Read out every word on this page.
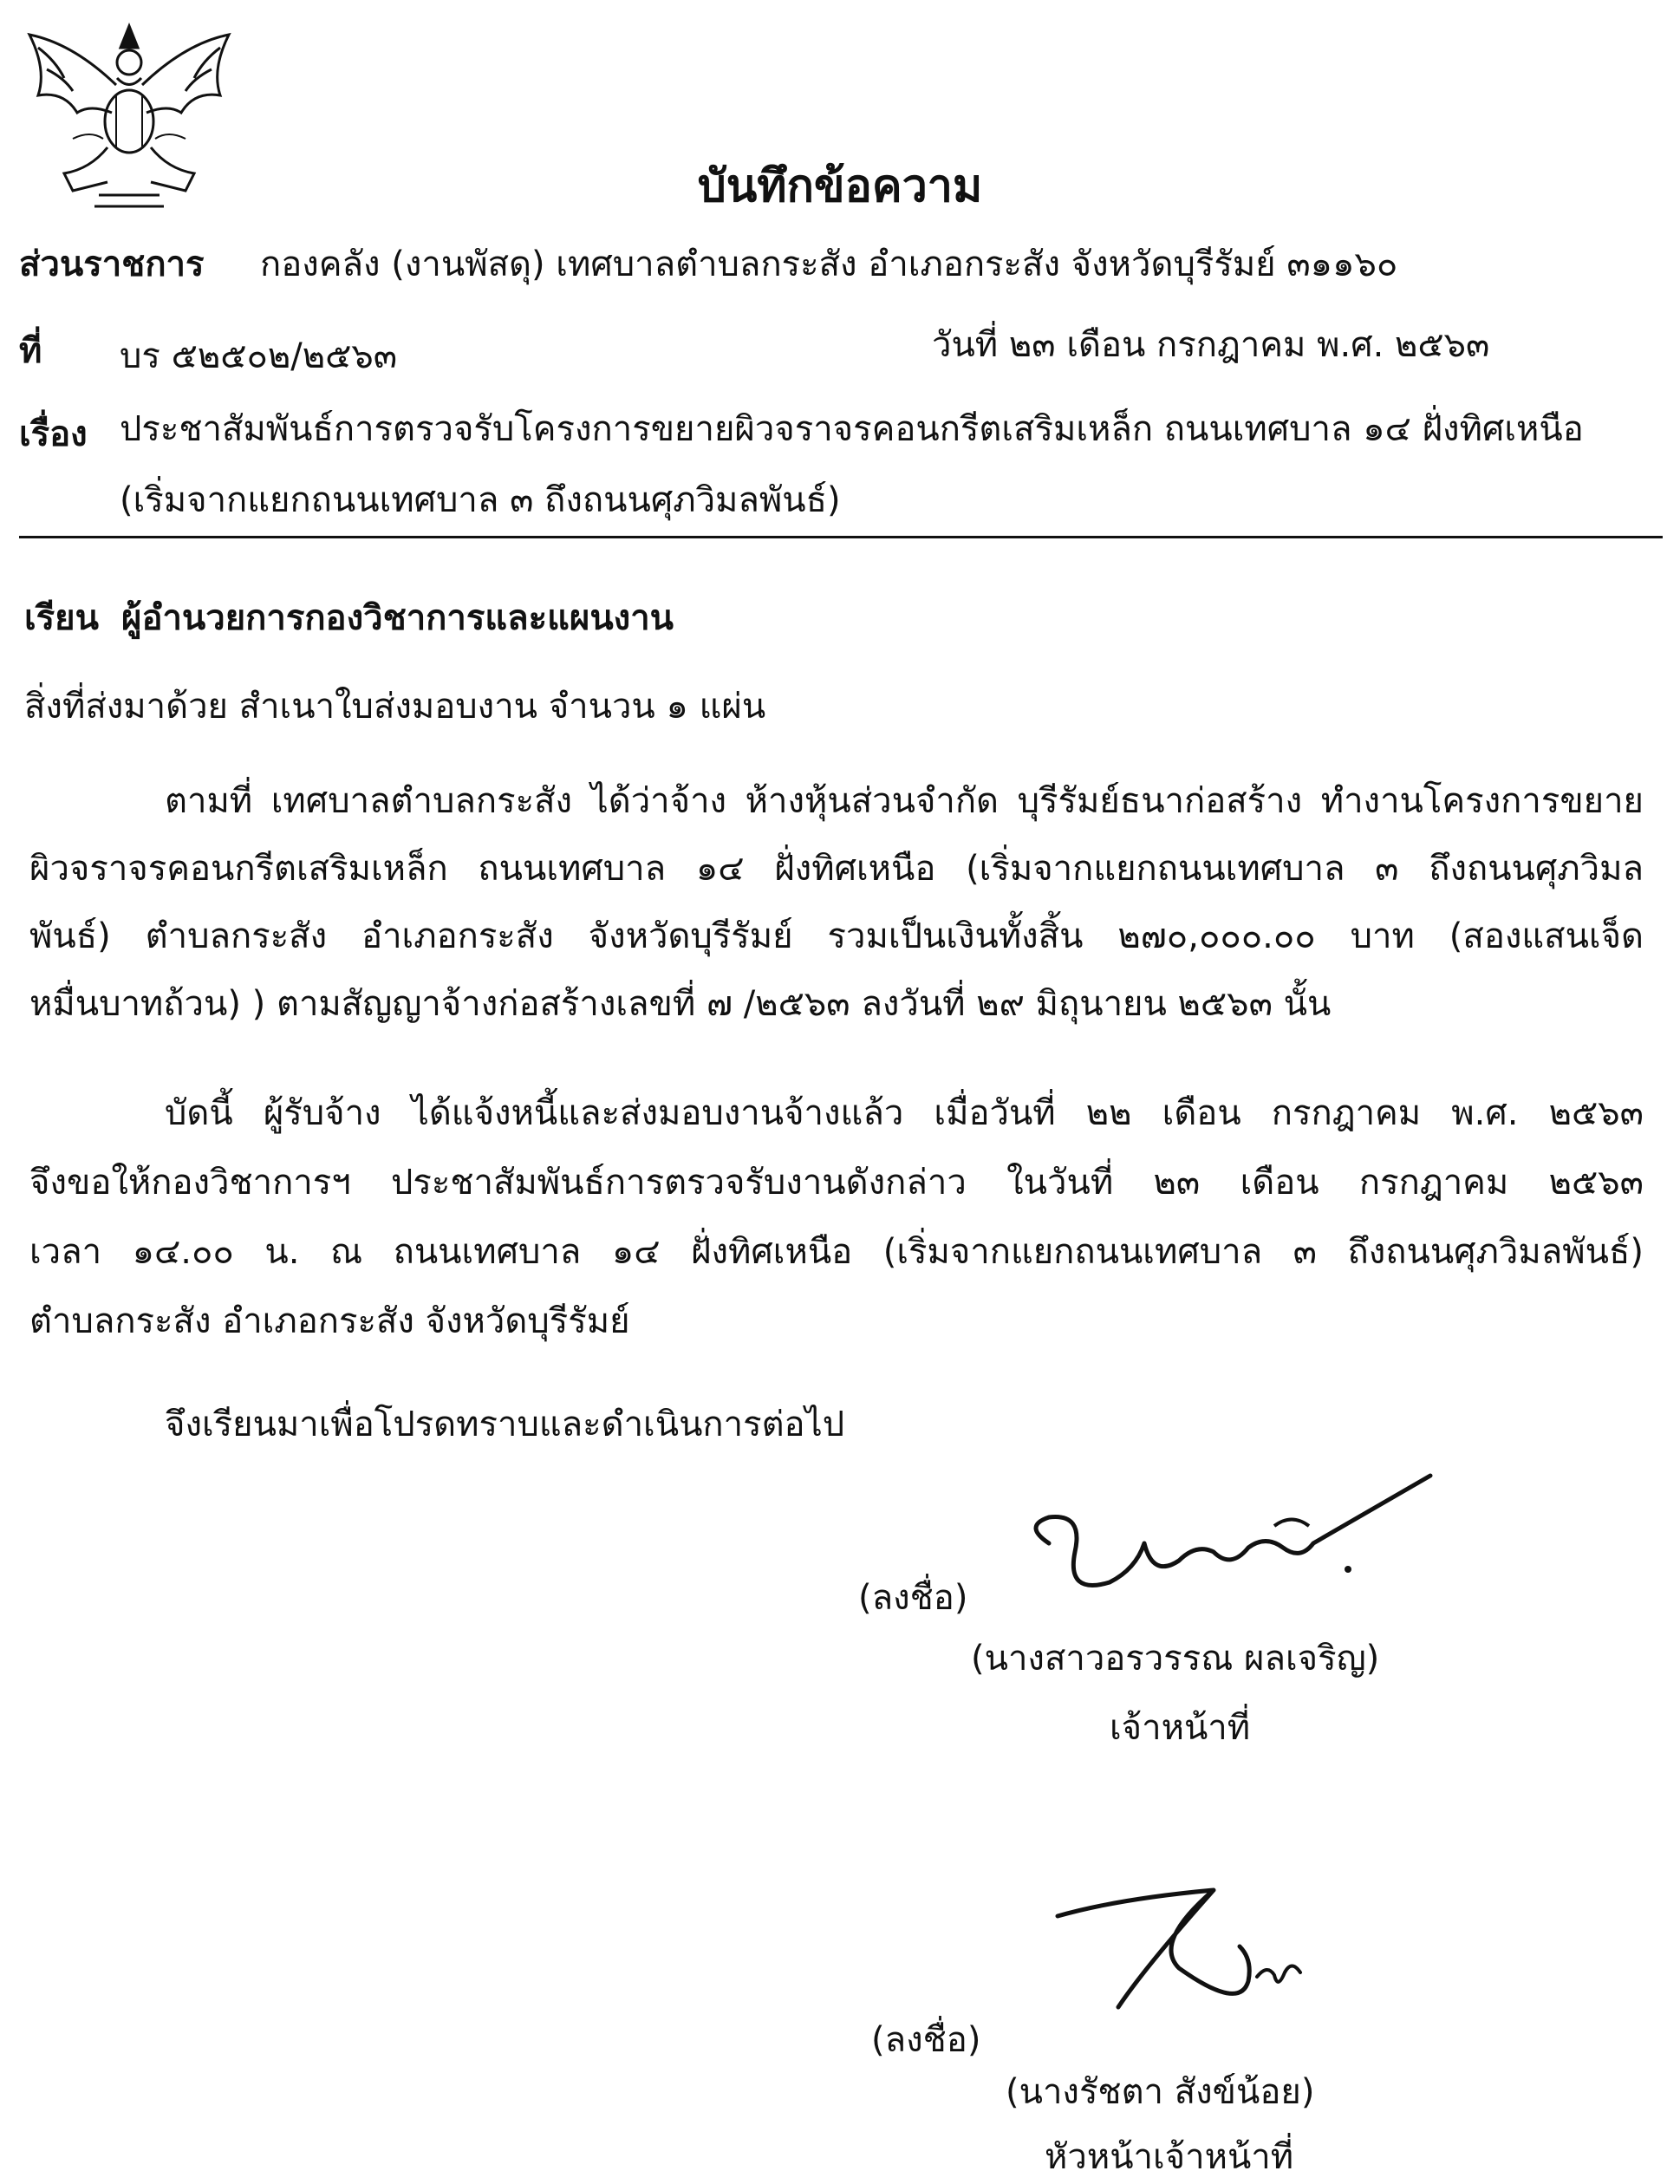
บันทึกข้อความ
ส่วนราชการ กองคลัง (งานพัสดุ) เทศบาลตำบลกระสัง อำเภอกระสัง จังหวัดบุรีรัมย์ ๓๑๑๖๐
ที่ บร ๕๒๕๐๒/๒๕๖๓	วันที่ ๒๓ เดือน กรกฎาคม พ.ศ. ๒๕๖๓
เรื่อง ประชาสัมพันธ์การตรวจรับโครงการขยายผิวจราจรคอนกรีตเสริมเหล็ก ถนนเทศบาล ๑๔ ฝั่งทิศเหนือ
(เริ่มจากแยกถนนเทศบาล ๓ ถึงถนนศุภวิมลพันธ์)
เรียน ผู้อำนวยการกองวิชาการและแผนงาน
สิ่งที่ส่งมาด้วย สำเนาใบส่งมอบงาน จำนวน ๑ แผ่น
ตามที่ เทศบาลตำบลกระสัง ได้ว่าจ้าง ห้างหุ้นส่วนจำกัด บุรีรัมย์ธนาก่อสร้าง ทำงานโครงการขยาย
ผิวจราจรคอนกรีตเสริมเหล็ก ถนนเทศบาล ๑๔ ฝั่งทิศเหนือ (เริ่มจากแยกถนนเทศบาล ๓ ถึงถนนศุภวิมล
พันธ์) ตำบลกระสัง อำเภอกระสัง จังหวัดบุรีรัมย์ รวมเป็นเงินทั้งสิ้น ๒๗๐,๐๐๐.๐๐ บาท (สองแสนเจ็ด
หมื่นบาทถ้วน) ) ตามสัญญาจ้างก่อสร้างเลขที่ ๗ /๒๕๖๓ ลงวันที่ ๒๙ มิถุนายน ๒๕๖๓ นั้น
บัดนี้ ผู้รับจ้าง ได้แจ้งหนี้และส่งมอบงานจ้างแล้ว เมื่อวันที่ ๒๒ เดือน กรกฎาคม พ.ศ. ๒๕๖๓
จึงขอให้กองวิชาการฯ ประชาสัมพันธ์การตรวจรับงานดังกล่าว ในวันที่ ๒๓ เดือน กรกฎาคม ๒๕๖๓
เวลา ๑๔.๐๐ น. ณ ถนนเทศบาล ๑๔ ฝั่งทิศเหนือ (เริ่มจากแยกถนนเทศบาล ๓ ถึงถนนศุภวิมลพันธ์)
ตำบลกระสัง อำเภอกระสัง จังหวัดบุรีรัมย์
จึงเรียนมาเพื่อโปรดทราบและดำเนินการต่อไป
(ลงชื่อ)
(นางสาวอรวรรณ ผลเจริญ)
เจ้าหน้าที่
(ลงชื่อ)
(นางรัชตา สังข์น้อย)
หัวหน้าเจ้าหน้าที่
